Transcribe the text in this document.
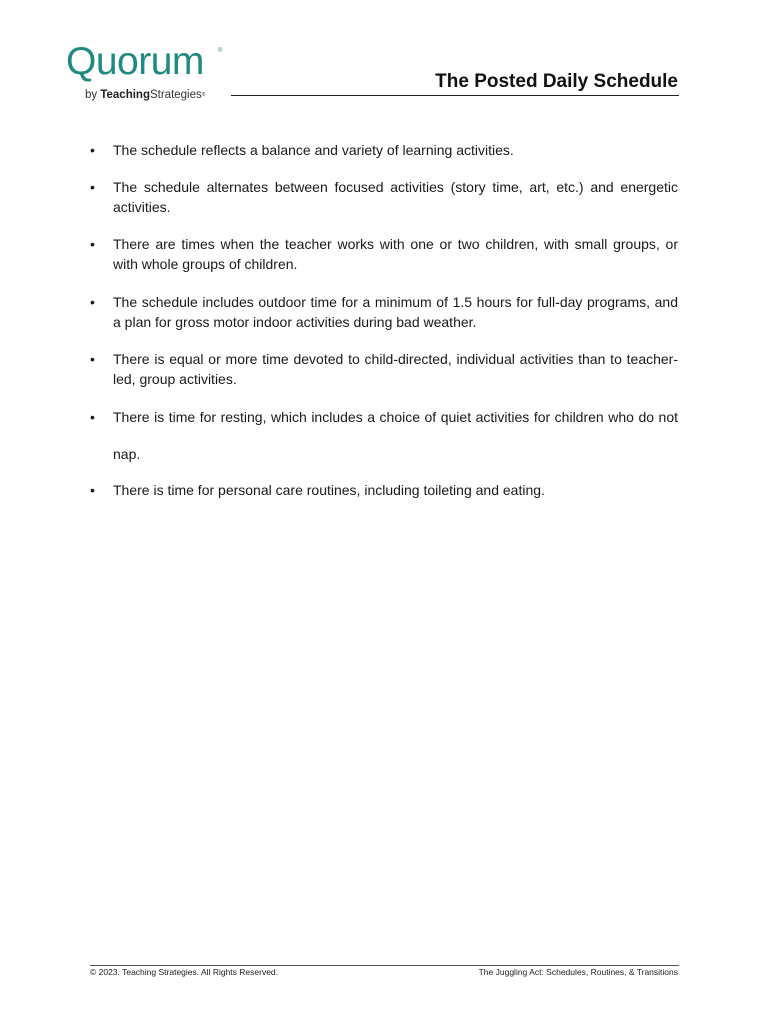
Quorum ®
by TeachingStrategies®
The Posted Daily Schedule
• The schedule reflects a balance and variety of learning activities.
• The schedule alternates between focused activities (story time, art, etc.) and energetic activities.
• There are times when the teacher works with one or two children, with small groups, or with whole groups of children.
• The schedule includes outdoor time for a minimum of 1.5 hours for full-day programs, and a plan for gross motor indoor activities during bad weather.
• There is equal or more time devoted to child-directed, individual activities than to teacher-led, group activities.
• There is time for resting, which includes a choice of quiet activities for children who do not nap.
• There is time for personal care routines, including toileting and eating.
© 2023. Teaching Strategies. All Rights Reserved.	The Juggling Act: Schedules, Routines, & Transitions
